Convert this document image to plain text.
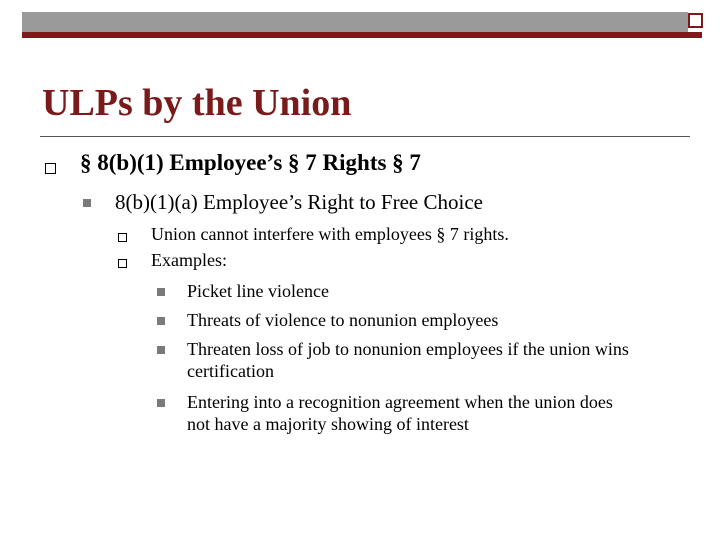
ULPs by the Union
§ 8(b)(1) Employee’s § 7 Rights § 7
8(b)(1)(a) Employee’s Right to Free Choice
Union cannot interfere with employees § 7 rights.
Examples:
Picket line violence
Threats of violence to nonunion employees
Threaten loss of job to nonunion employees if the union wins
certification
Entering into a recognition agreement when the union does
not have a majority showing of interest
